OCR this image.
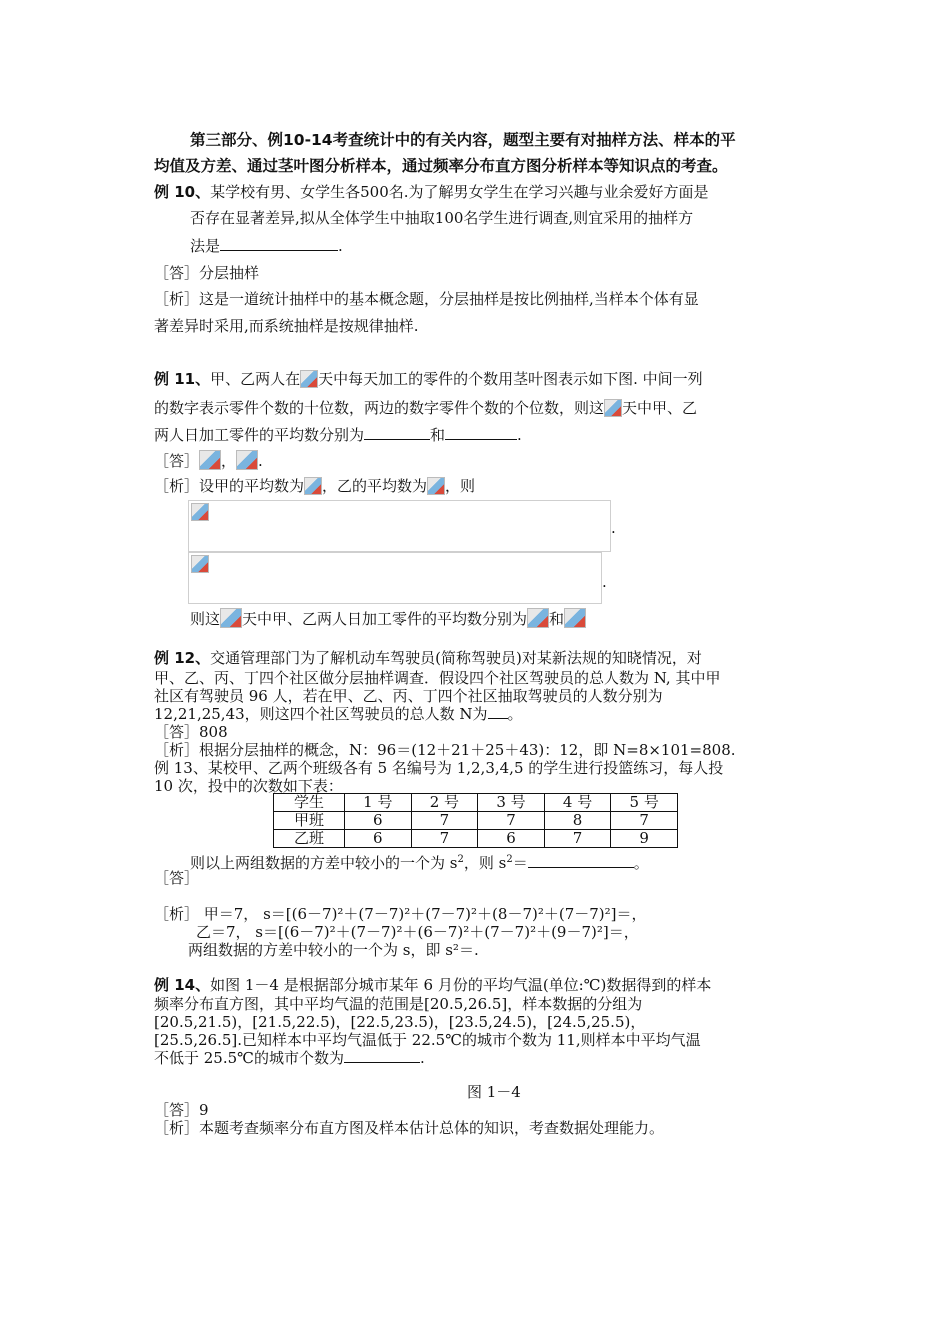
第三部分、例10-14考查统计中的有关内容，题型主要有对抽样方法、样本的平
均值及方差、通过茎叶图分析样本，通过频率分布直方图分析样本等知识点的考查。
例 10、某学校有男、女学生各500名.为了解男女学生在学习兴趣与业余爱好方面是
否存在显著差异,拟从全体学生中抽取100名学生进行调查,则宜采用的抽样方
法是	.
［答］分层抽样
［析］这是一道统计抽样中的基本概念题，分层抽样是按比例抽样,当样本个体有显
著差异时采用,而系统抽样是按规律抽样.
例 11、甲、乙两人在 天中每天加工的零件的个数用茎叶图表示如下图. 中间一列
的数字表示零件个数的十位数，两边的数字零件个数的个位数，则这 天中甲、乙
两人日加工零件的平均数分别为	和	.
［答］ ， .
［析］设甲的平均数为 ，乙的平均数为 ，则
.
.
则这 天中甲、乙两人日加工零件的平均数分别为 和
例 12、交通管理部门为了解机动车驾驶员(简称驾驶员)对某新法规的知晓情况，对
甲、乙、丙、丁四个社区做分层抽样调查．假设四个社区驾驶员的总人数为 N, 其中甲
社区有驾驶员 96 人，若在甲、乙、丙、丁四个社区抽取驾驶员的人数分别为
12,21,25,43，则这四个社区驾驶员的总人数 N为 。
［答］808
［析］根据分层抽样的概念，N：96＝(12＋21＋25＋43)：12，即 N=8×101=808.
例 13、某校甲、乙两个班级各有 5 名编号为 1,2,3,4,5 的学生进行投篮练习，每人投
10 次，投中的次数如下表：
学生	1 号	2 号	3 号	4 号	5 号
甲班	6	7	7	8	7
乙班	6	7	6	7	9
则以上两组数据的方差中较小的一个为 $s^2$，则 $s^2=$	。
［答］
［析］ 甲＝7， s＝[(6－7)²＋(7－7)²＋(7－7)²＋(8－7)²＋(7－7)²]＝，
乙＝7， s＝[(6－7)²＋(7－7)²＋(6－7)²＋(7－7)²＋(9－7)²]＝，
两组数据的方差中较小的一个为 s，即 s²＝.
例 14、如图 1－4 是根据部分城市某年 6 月份的平均气温(单位:℃)数据得到的样本
频率分布直方图，其中平均气温的范围是[20.5,26.5]，样本数据的分组为
[20.5,21.5)，[21.5,22.5)，[22.5,23.5)，[23.5,24.5)，[24.5,25.5)，
[25.5,26.5].已知样本中平均气温低于 22.5℃的城市个数为 11,则样本中平均气温
不低于 25.5℃的城市个数为	.
图 1－4
［答］9
［析］本题考查频率分布直方图及样本估计总体的知识，考查数据处理能力。
